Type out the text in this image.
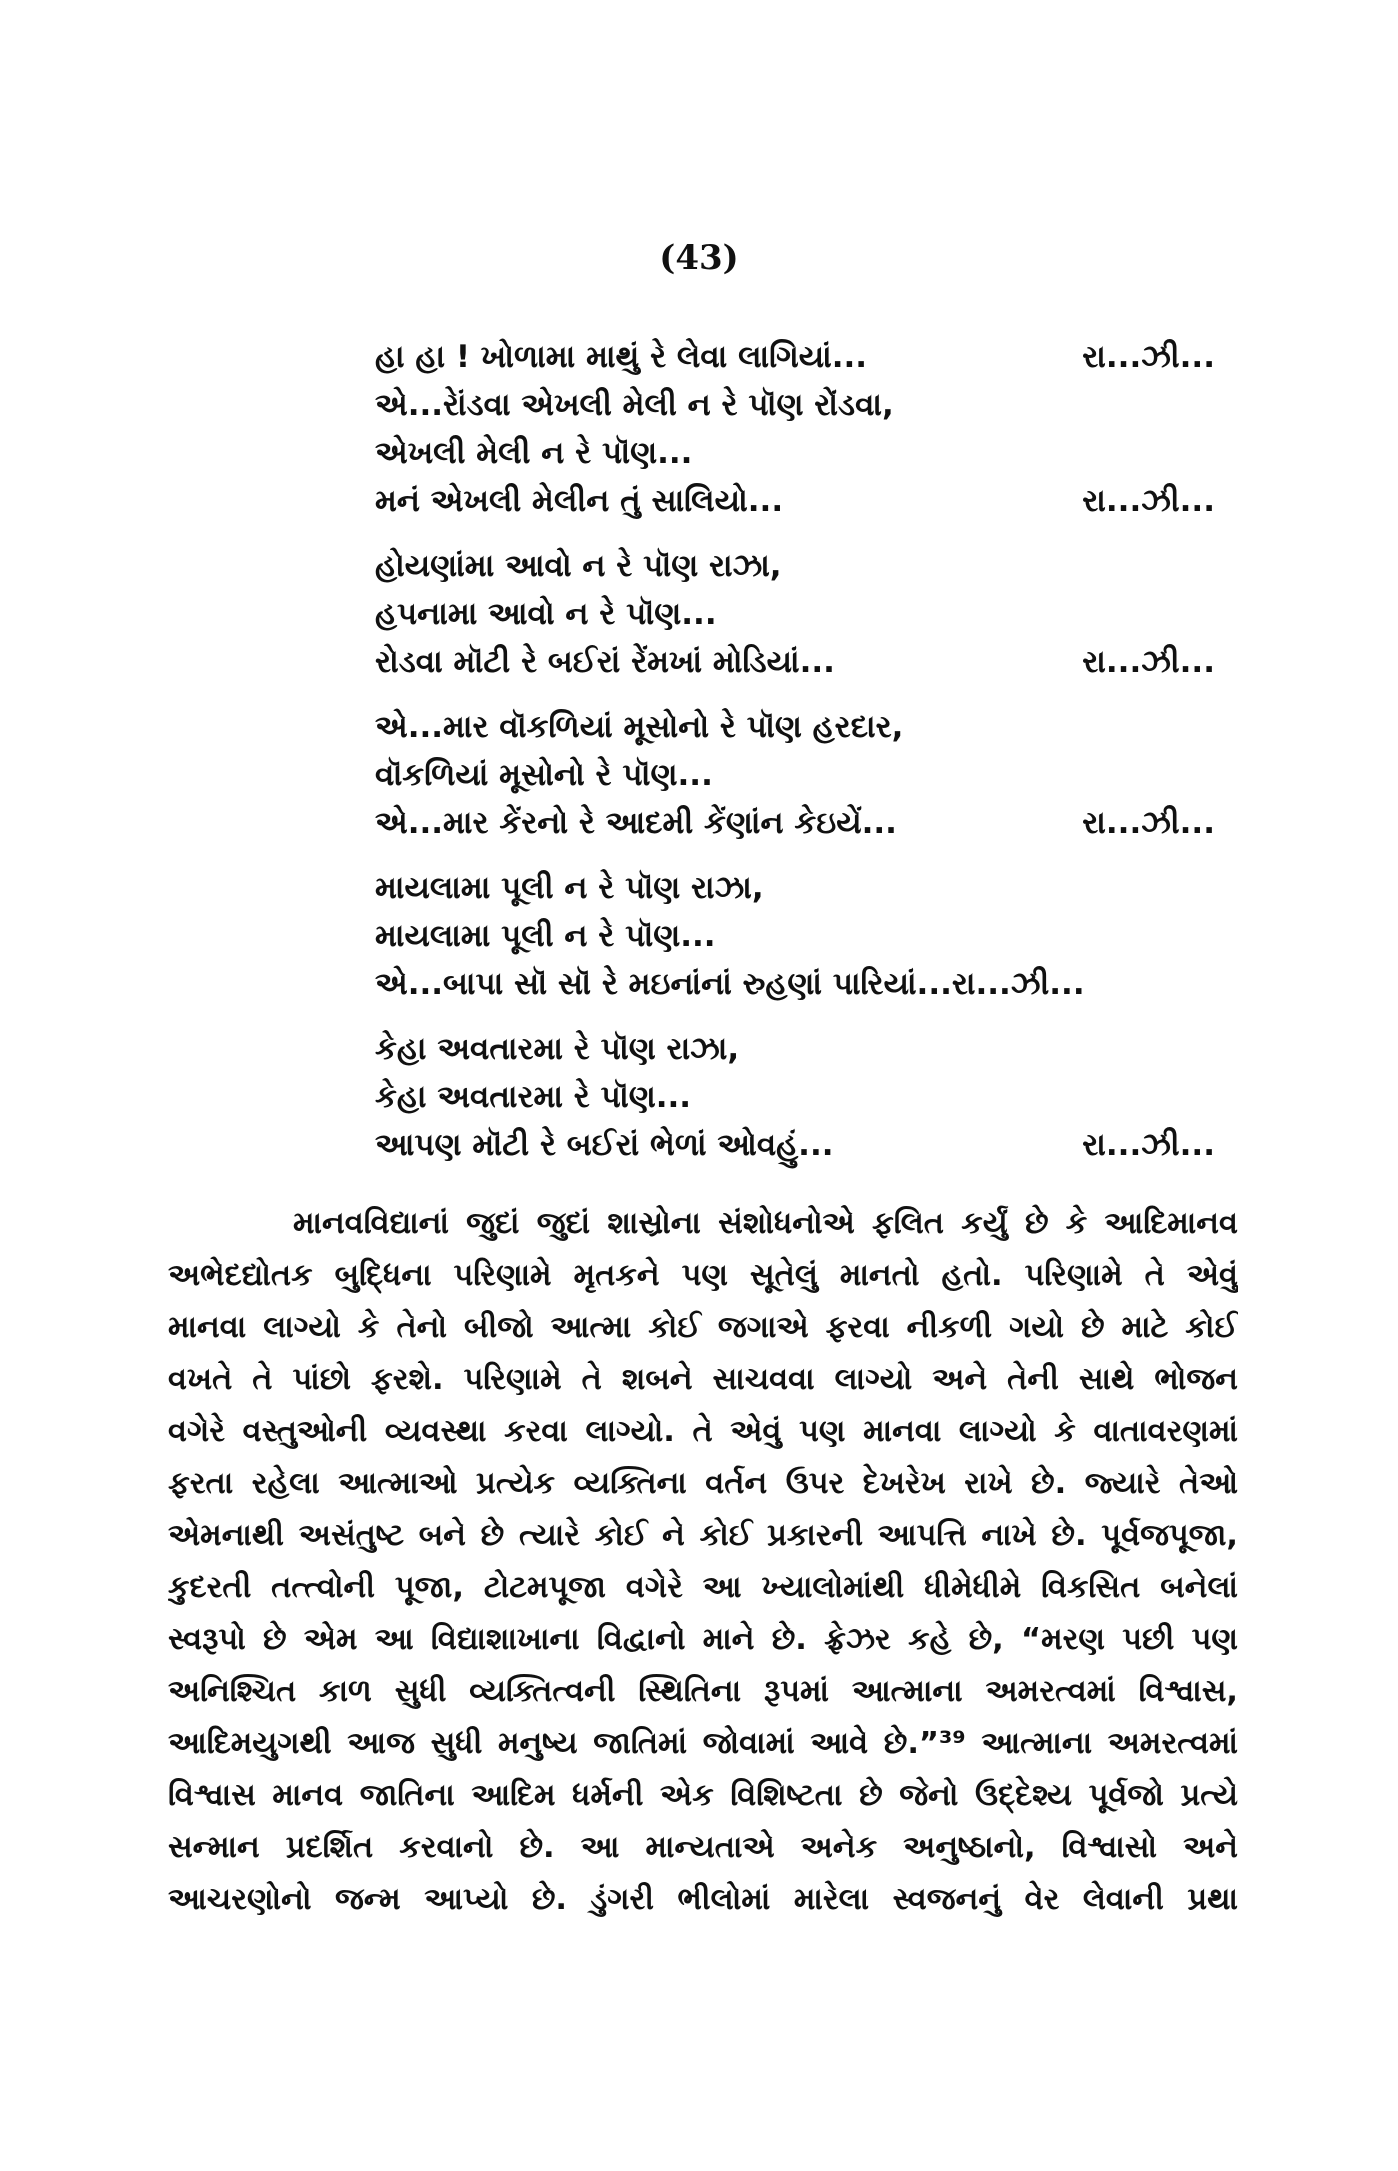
(43)
હા હા ! ખોળામા માથું રે લેવા લાગિયાં...	રા...ઝી...
એ...રેાંડવા એખલી મેલી ન રે પૉણ રોંડવા,
એખલી મેલી ન રે પૉણ...
મનં એખલી મેલીન તું સાલિયો...	રા...ઝી...
હોયણાંમા આવો ન રે પૉણ રાઝા,
હપનામા આવો ન રે પૉણ...
રોડવા મૉટી રે બઈરાં રેંમખાં મોડિયાં...	રા...ઝી...
એ...માર વૉકળિયાં મૂસોનો રે પૉણ હરદાર,
વૉકળિયાં મૂસોનો રે પૉણ...
એ...માર કેંરનો રે આદમી કેંણાંન કેઇયેં...	રા...ઝી...
માયલામા પૂલી ન રે પૉણ રાઝા,
માયલામા પૂલી ન રે પૉણ...
એ...બાપા સૉ સૉ રે મઇનાંનાં રુહણાં પારિયાં...રા...ઝી...
કેહા અવતારમા રે પૉણ રાઝા,
કેહા અવતારમા રે પૉણ...
આપણ મૉટી રે બઈરાં ભેળાં ઓવહું...	રા...ઝી...
માનવવિદ્યાનાં જુદાં જુદાં શાસ્રોના સંશોધનોએ ફલિત કર્યું છે કે આદિમાનવ
અભેદદ્યોતક બુદ્ધિના પરિણામે મૃતકને પણ સૂતેલું માનતો હતો. પરિણામે તે એવું
માનવા લાગ્યો કે તેનો બીજો આત્મા કોઈ જગાએ ફરવા નીકળી ગયો છે માટે કોઈ
વખતે તે પાંછો ફરશે. પરિણામે તે શબને સાચવવા લાગ્યો અને તેની સાથે ભોજન
વગેરે વસ્તુઓની વ્યવસ્થા કરવા લાગ્યો. તે એવું પણ માનવા લાગ્યો કે વાતાવરણમાં
ફરતા રહેલા આત્માઓ પ્રત્યેક વ્યક્તિના વર્તન ઉપર દેખરેખ રાખે છે. જ્યારે તેઓ
એમનાથી અસંતુષ્ટ બને છે ત્યારે કોઈ ને કોઈ પ્રકારની આપત્તિ નાખે છે. પૂર્વજપૂજા,
કુદરતી તત્ત્વોની પૂજા, ટોટમપૂજા વગેરે આ ખ્યાલોમાંથી ધીમેધીમે વિકસિત બનેલાં
સ્વરૂપો છે એમ આ વિદ્યાશાખાના વિદ્વાનો માને છે. ફ્રેઝર કહે છે, “મરણ પછી પણ
અનિશ્ચિત કાળ સુધી વ્યક્તિત્વની સ્થિતિના રૂપમાં આત્માના અમરત્વમાં વિશ્વાસ,
આદિમયુગથી આજ સુધી મનુષ્ય જાતિમાં જોવામાં આવે છે.”³⁹ આત્માના અમરત્વમાં
વિશ્વાસ માનવ જાતિના આદિમ ધર્મની એક વિશિષ્ટતા છે જેનો ઉદ્દેશ્ય પૂર્વજો પ્રત્યે
સન્માન પ્રદર્શિત કરવાનો છે. આ માન્યતાએ અનેક અનુષ્ઠાનો, વિશ્વાસો અને
આચરણોનો જન્મ આપ્યો છે. ડુંગરી ભીલોમાં મારેલા સ્વજનનું વેર લેવાની પ્રથા
